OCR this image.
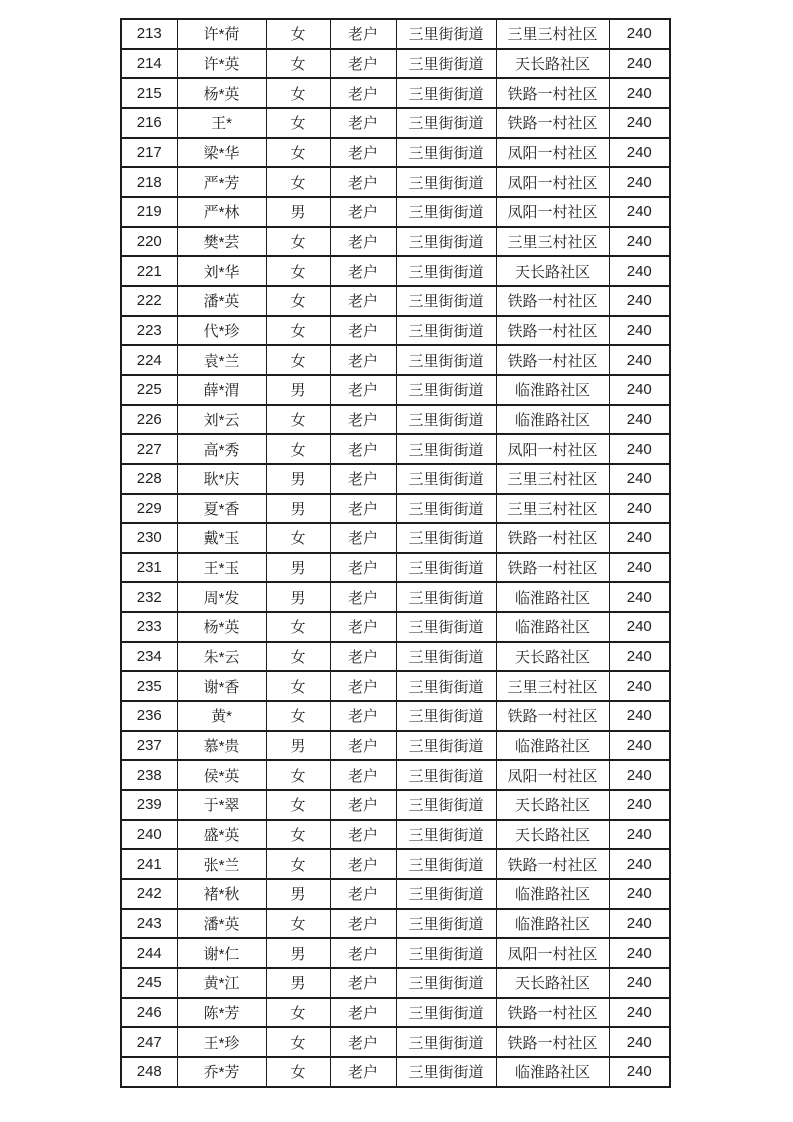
213	许*荷	女	老户	三里街街道	三里三村社区	240
214	许*英	女	老户	三里街街道	天长路社区	240
215	杨*英	女	老户	三里街街道	铁路一村社区	240
216	王*	女	老户	三里街街道	铁路一村社区	240
217	梁*华	女	老户	三里街街道	凤阳一村社区	240
218	严*芳	女	老户	三里街街道	凤阳一村社区	240
219	严*林	男	老户	三里街街道	凤阳一村社区	240
220	樊*芸	女	老户	三里街街道	三里三村社区	240
221	刘*华	女	老户	三里街街道	天长路社区	240
222	潘*英	女	老户	三里街街道	铁路一村社区	240
223	代*珍	女	老户	三里街街道	铁路一村社区	240
224	袁*兰	女	老户	三里街街道	铁路一村社区	240
225	薛*渭	男	老户	三里街街道	临淮路社区	240
226	刘*云	女	老户	三里街街道	临淮路社区	240
227	高*秀	女	老户	三里街街道	凤阳一村社区	240
228	耿*庆	男	老户	三里街街道	三里三村社区	240
229	夏*香	男	老户	三里街街道	三里三村社区	240
230	戴*玉	女	老户	三里街街道	铁路一村社区	240
231	王*玉	男	老户	三里街街道	铁路一村社区	240
232	周*发	男	老户	三里街街道	临淮路社区	240
233	杨*英	女	老户	三里街街道	临淮路社区	240
234	朱*云	女	老户	三里街街道	天长路社区	240
235	谢*香	女	老户	三里街街道	三里三村社区	240
236	黄*	女	老户	三里街街道	铁路一村社区	240
237	慕*贵	男	老户	三里街街道	临淮路社区	240
238	侯*英	女	老户	三里街街道	凤阳一村社区	240
239	于*翠	女	老户	三里街街道	天长路社区	240
240	盛*英	女	老户	三里街街道	天长路社区	240
241	张*兰	女	老户	三里街街道	铁路一村社区	240
242	褚*秋	男	老户	三里街街道	临淮路社区	240
243	潘*英	女	老户	三里街街道	临淮路社区	240
244	谢*仁	男	老户	三里街街道	凤阳一村社区	240
245	黄*江	男	老户	三里街街道	天长路社区	240
246	陈*芳	女	老户	三里街街道	铁路一村社区	240
247	王*珍	女	老户	三里街街道	铁路一村社区	240
248	乔*芳	女	老户	三里街街道	临淮路社区	240
